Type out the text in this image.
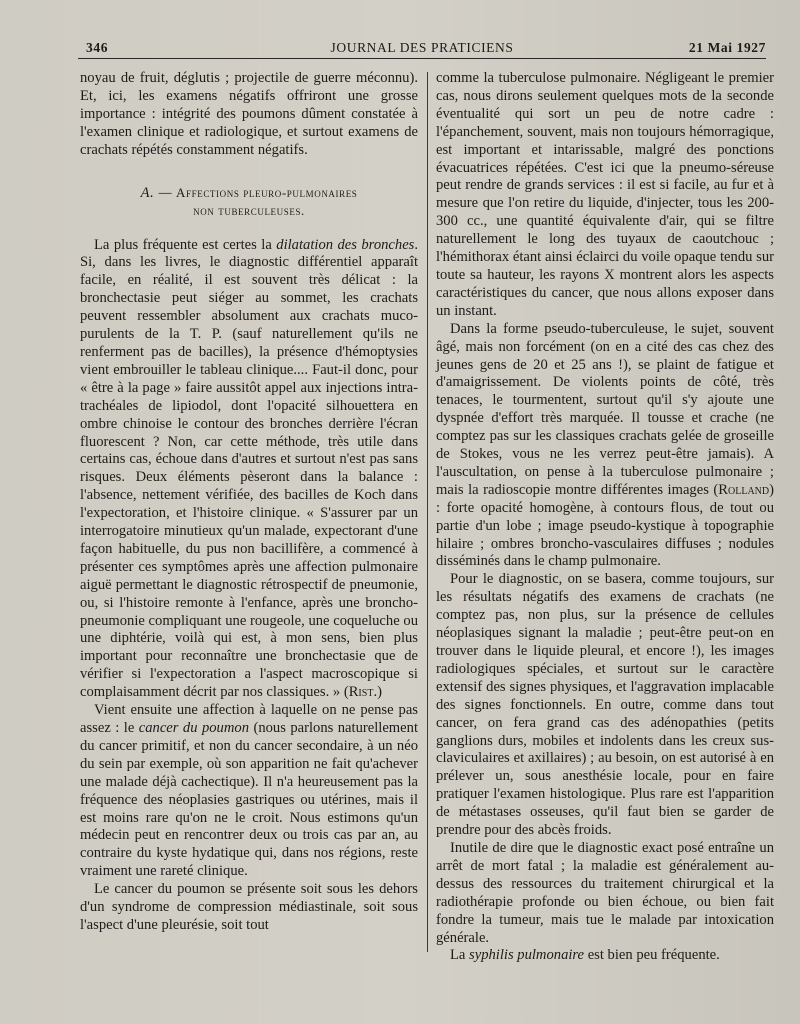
346	JOURNAL DES PRATICIENS	21 Mai 1927

noyau de fruit, déglutis ; projectile de guerre méconnu). Et, ici, les examens négatifs offriront une grosse importance : intégrité des poumons dûment constatée à l'examen clinique et radiologique, et surtout examens de crachats répétés constamment négatifs.

A. — Affections pleuro-pulmonaires
non tuberculeuses.

La plus fréquente est certes la dilatation des bronches. Si, dans les livres, le diagnostic différentiel apparaît facile, en réalité, il est souvent très délicat : la bronchectasie peut siéger au sommet, les crachats peuvent ressembler absolument aux crachats muco-purulents de la T. P. (sauf naturellement qu'ils ne renferment pas de bacilles), la présence d'hémoptysies vient embrouiller le tableau clinique.... Faut-il donc, pour « être à la page » faire aussitôt appel aux injections intra-trachéales de lipiodol, dont l'opacité silhouettera en ombre chinoise le contour des bronches derrière l'écran fluorescent ? Non, car cette méthode, très utile dans certains cas, échoue dans d'autres et surtout n'est pas sans risques. Deux éléments pèseront dans la balance : l'absence, nettement vérifiée, des bacilles de Koch dans l'expectoration, et l'histoire clinique. « S'assurer par un interrogatoire minutieux qu'un malade, expectorant d'une façon habituelle, du pus non bacillifère, a commencé à présenter ces symptômes après une affection pulmonaire aiguë permettant le diagnostic rétrospectif de pneumonie, ou, si l'histoire remonte à l'enfance, après une broncho-pneumonie compliquant une rougeole, une coqueluche ou une diphtérie, voilà qui est, à mon sens, bien plus important pour reconnaître une bronchectasie que de vérifier si l'expectoration a l'aspect macroscopique si complaisamment décrit par nos classiques. » (Rist.)

Vient ensuite une affection à laquelle on ne pense pas assez : le cancer du poumon (nous parlons naturellement du cancer primitif, et non du cancer secondaire, à un néo du sein par exemple, où son apparition ne fait qu'achever une malade déjà cachectique). Il n'a heureusement pas la fréquence des néoplasies gastriques ou utérines, mais il est moins rare qu'on ne le croit. Nous estimons qu'un médecin peut en rencontrer deux ou trois cas par an, au contraire du kyste hydatique qui, dans nos régions, reste vraiment une rareté clinique.

Le cancer du poumon se présente soit sous les dehors d'un syndrome de compression médiastinale, soit sous l'aspect d'une pleurésie, soit tout

comme la tuberculose pulmonaire. Négligeant le premier cas, nous dirons seulement quelques mots de la seconde éventualité qui sort un peu de notre cadre : l'épanchement, souvent, mais non toujours hémorragique, est important et intarissable, malgré des ponctions évacuatrices répétées. C'est ici que la pneumo-séreuse peut rendre de grands services : il est si facile, au fur et à mesure que l'on retire du liquide, d'injecter, tous les 200-300 cc., une quantité équivalente d'air, qui se filtre naturellement le long des tuyaux de caoutchouc ; l'hémithorax étant ainsi éclairci du voile opaque tendu sur toute sa hauteur, les rayons X montrent alors les aspects caractéristiques du cancer, que nous allons exposer dans un instant.

Dans la forme pseudo-tuberculeuse, le sujet, souvent âgé, mais non forcément (on en a cité des cas chez des jeunes gens de 20 et 25 ans !), se plaint de fatigue et d'amaigrissement. De violents points de côté, très tenaces, le tourmentent, surtout qu'il s'y ajoute une dyspnée d'effort très marquée. Il tousse et crache (ne comptez pas sur les classiques crachats gelée de groseille de Stokes, vous ne les verrez peut-être jamais). A l'auscultation, on pense à la tuberculose pulmonaire ; mais la radioscopie montre différentes images (Rolland) : forte opacité homogène, à contours flous, de tout ou partie d'un lobe ; image pseudo-kystique à topographie hilaire ; ombres broncho-vasculaires diffuses ; nodules disséminés dans le champ pulmonaire.

Pour le diagnostic, on se basera, comme toujours, sur les résultats négatifs des examens de crachats (ne comptez pas, non plus, sur la présence de cellules néoplasiques signant la maladie ; peut-être peut-on en trouver dans le liquide pleural, et encore !), les images radiologiques spéciales, et surtout sur le caractère extensif des signes physiques, et l'aggravation implacable des signes fonctionnels. En outre, comme dans tout cancer, on fera grand cas des adénopathies (petits ganglions durs, mobiles et indolents dans les creux sus-claviculaires et axillaires) ; au besoin, on est autorisé à en prélever un, sous anesthésie locale, pour en faire pratiquer l'examen histologique. Plus rare est l'apparition de métastases osseuses, qu'il faut bien se garder de prendre pour des abcès froids.

Inutile de dire que le diagnostic exact posé entraîne un arrêt de mort fatal ; la maladie est généralement au-dessus des ressources du traitement chirurgical et la radiothérapie profonde ou bien échoue, ou bien fait fondre la tumeur, mais tue le malade par intoxication générale.

La syphilis pulmonaire est bien peu fréquente.
